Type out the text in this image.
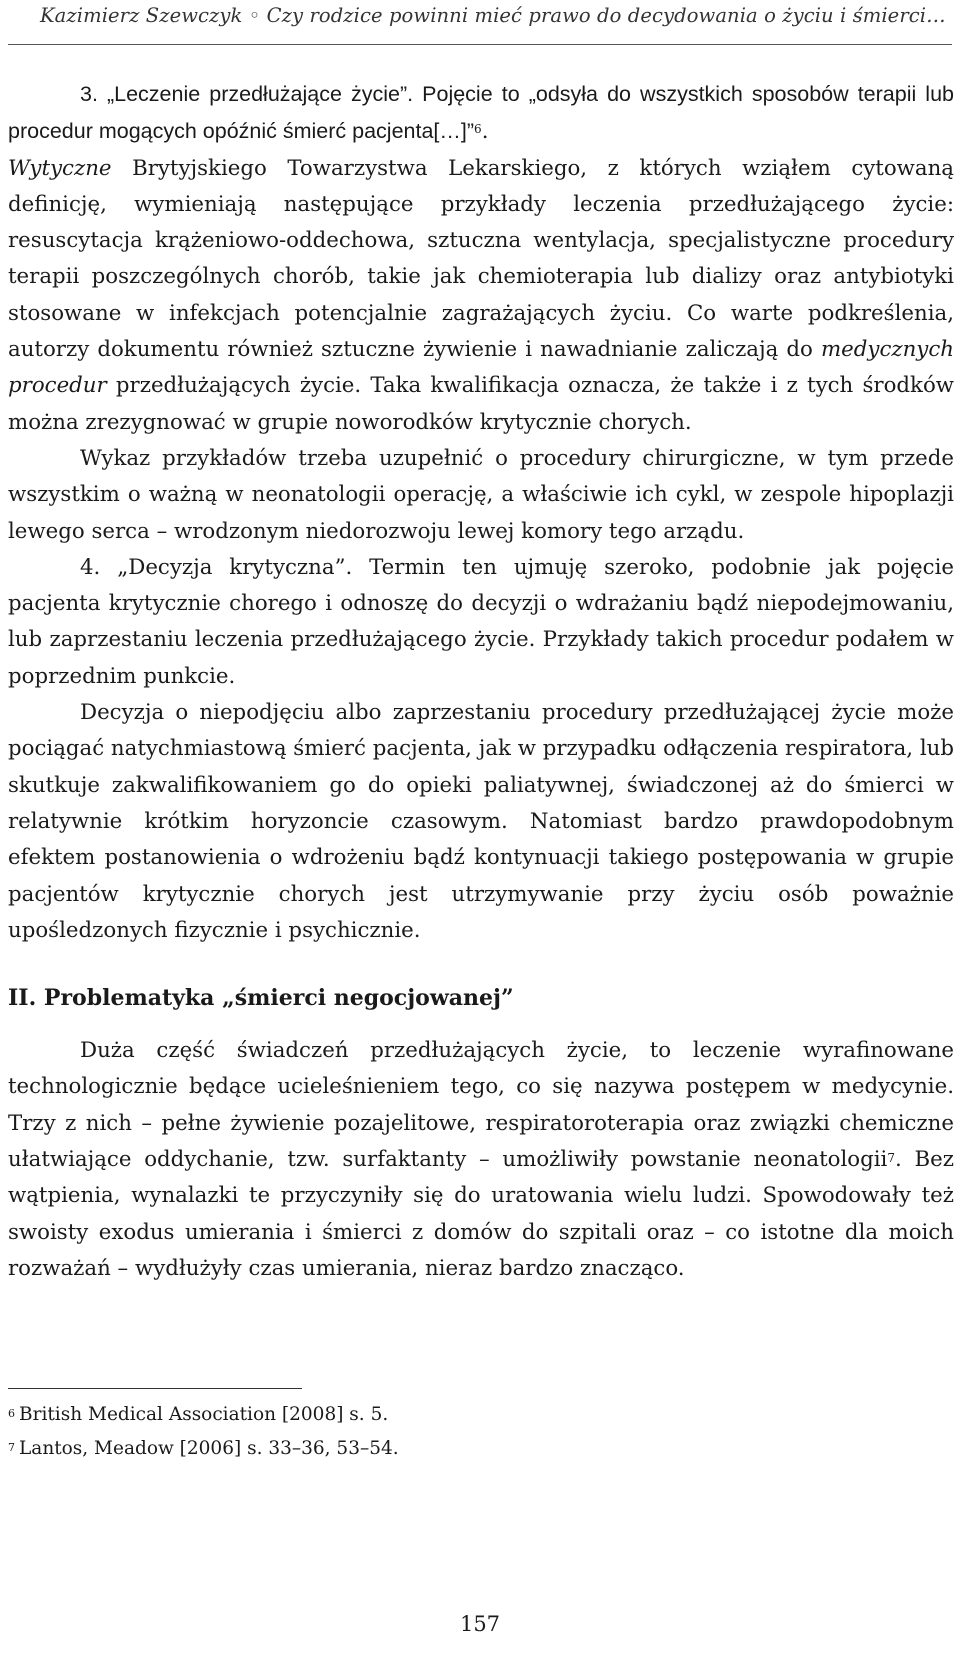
Kazimierz Szewczyk ◦ Czy rodzice powinni mieć prawo do decydowania o życiu i śmierci…

3. „Leczenie przedłużające życie”. Pojęcie to „odsyła do wszystkich sposobów terapii lub procedur mogących opóźnić śmierć pacjenta[…]”$^6$.
Wytyczne Brytyjskiego Towarzystwa Lekarskiego, z których wziąłem cytowaną definicję, wymieniają następujące przykłady leczenia przedłużającego życie: resuscytacja krążeniowo-oddechowa, sztuczna wentylacja, specjalistyczne procedury terapii poszczególnych chorób, takie jak chemioterapia lub dializy oraz antybiotyki stosowane w infekcjach potencjalnie zagrażających życiu. Co warte podkreślenia, autorzy dokumentu również sztuczne żywienie i nawadnianie zaliczają do medycznych procedur przedłużających życie. Taka kwalifikacja oznacza, że także i z tych środków można zrezygnować w grupie noworodków krytycznie chorych.

Wykaz przykładów trzeba uzupełnić o procedury chirurgiczne, w tym przede wszystkim o ważną w neonatologii operację, a właściwie ich cykl, w zespole hipoplazji lewego serca – wrodzonym niedorozwoju lewej komory tego arządu.

4. „Decyzja krytyczna”. Termin ten ujmuję szeroko, podobnie jak pojęcie pacjenta krytycznie chorego i odnoszę do decyzji o wdrażaniu bądź niepodejmowaniu, lub zaprzestaniu leczenia przedłużającego życie. Przykłady takich procedur podałem w poprzednim punkcie.

Decyzja o niepodjęciu albo zaprzestaniu procedury przedłużającej życie może pociągać natychmiastową śmierć pacjenta, jak w przypadku odłączenia respiratora, lub skutkuje zakwalifikowaniem go do opieki paliatywnej, świadczonej aż do śmierci w relatywnie krótkim horyzoncie czasowym. Natomiast bardzo prawdopodobnym efektem postanowienia o wdrożeniu bądź kontynuacji takiego postępowania w grupie pacjentów krytycznie chorych jest utrzymywanie przy życiu osób poważnie upośledzonych fizycznie i psychicznie.

II. Problematyka „śmierci negocjowanej”

Duża część świadczeń przedłużających życie, to leczenie wyrafinowane technologicznie będące ucieleśnieniem tego, co się nazywa postępem w medycynie. Trzy z nich – pełne żywienie pozajelitowe, respiratoroterapia oraz związki chemiczne ułatwiające oddychanie, tzw. surfaktanty – umożliwiły powstanie neonatologii$^7$. Bez wątpienia, wynalazki te przyczyniły się do uratowania wielu ludzi. Spowodowały też swoisty exodus umierania i śmierci z domów do szpitali oraz – co istotne dla moich rozważań – wydłużyły czas umierania, nieraz bardzo znacząco.

$^6$ British Medical Association [2008] s. 5.
$^7$ Lantos, Meadow [2006] s. 33–36, 53–54.
157
